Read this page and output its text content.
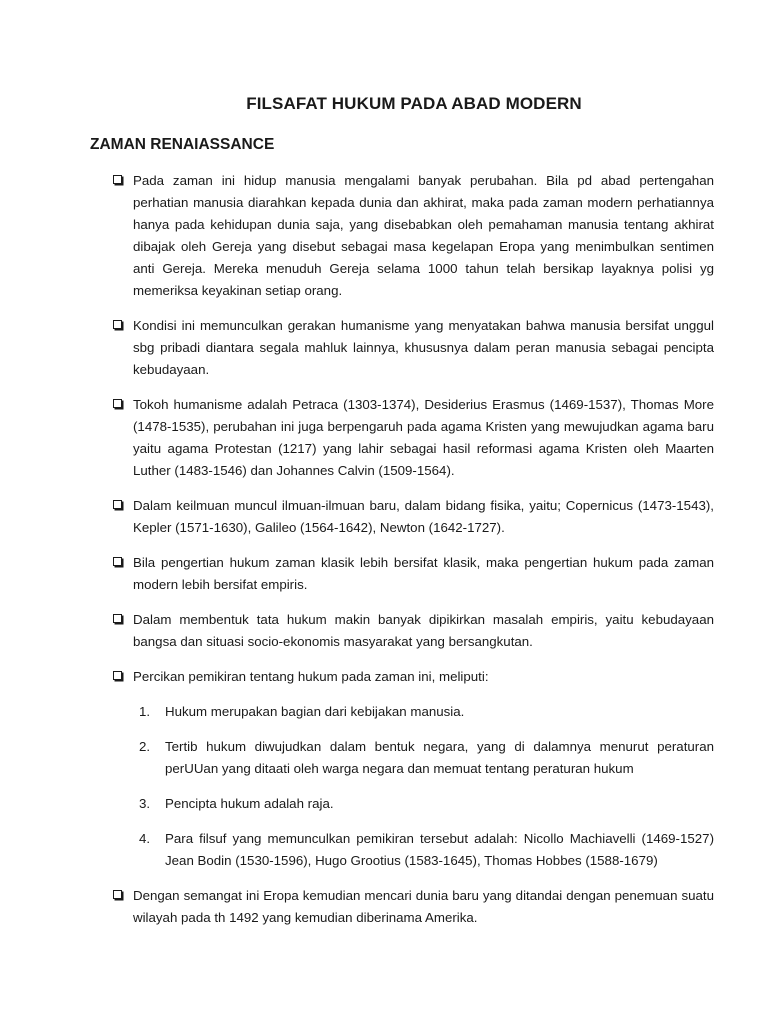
FILSAFAT HUKUM PADA ABAD MODERN
ZAMAN RENAIASSANCE
Pada zaman ini hidup manusia mengalami banyak perubahan. Bila pd abad pertengahan perhatian manusia diarahkan kepada dunia dan akhirat, maka pada zaman modern perhatiannya hanya pada kehidupan dunia saja, yang disebabkan oleh pemahaman manusia tentang akhirat dibajak oleh Gereja yang disebut sebagai masa kegelapan Eropa yang menimbulkan sentimen anti Gereja. Mereka menuduh Gereja selama 1000 tahun telah bersikap layaknya polisi yg memeriksa keyakinan setiap orang.
Kondisi ini memunculkan gerakan humanisme yang menyatakan bahwa manusia bersifat unggul sbg pribadi diantara segala mahluk lainnya, khususnya dalam peran manusia sebagai pencipta kebudayaan.
Tokoh humanisme adalah Petraca (1303-1374), Desiderius Erasmus (1469-1537), Thomas More (1478-1535), perubahan ini juga berpengaruh pada agama Kristen yang mewujudkan agama baru yaitu agama Protestan (1217) yang lahir sebagai hasil reformasi agama Kristen oleh Maarten Luther (1483-1546) dan Johannes Calvin (1509-1564).
Dalam keilmuan muncul ilmuan-ilmuan baru, dalam bidang fisika, yaitu; Copernicus (1473-1543), Kepler (1571-1630), Galileo (1564-1642), Newton (1642-1727).
Bila pengertian hukum zaman klasik lebih bersifat klasik, maka pengertian hukum pada zaman modern lebih bersifat empiris.
Dalam membentuk tata hukum makin banyak dipikirkan masalah empiris, yaitu kebudayaan bangsa dan situasi socio-ekonomis masyarakat yang bersangkutan.
Percikan pemikiran tentang hukum pada zaman ini, meliputi:
1.	Hukum merupakan bagian dari kebijakan manusia.
2.	Tertib hukum diwujudkan dalam bentuk negara, yang di dalamnya menurut peraturan perUUan yang ditaati oleh warga negara dan memuat tentang peraturan hukum
3.	Pencipta hukum adalah raja.
4.	Para filsuf yang memunculkan pemikiran tersebut adalah: Nicollo Machiavelli (1469-1527) Jean Bodin (1530-1596), Hugo Grootius (1583-1645), Thomas Hobbes (1588-1679)
Dengan semangat ini Eropa kemudian mencari dunia baru yang ditandai dengan penemuan suatu wilayah pada th 1492 yang kemudian diberinama Amerika.
